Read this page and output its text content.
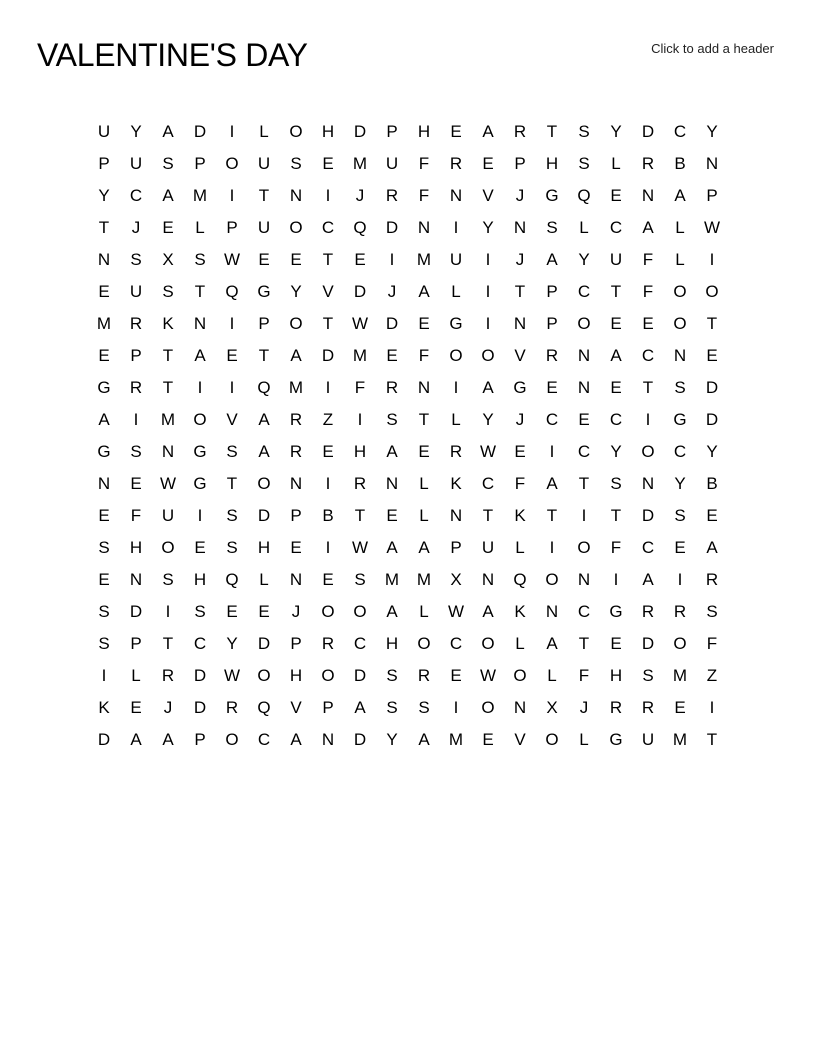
VALENTINE'S DAY	Click to add a header
U	Y	A	D	I	L	O	H	D	P	H	E	A	R	T	S	Y	D	C	Y
P	U	S	P	O	U	S	E	M	U	F	R	E	P	H	S	L	R	B	N
Y	C	A	M	I	T	N	I	J	R	F	N	V	J	G	Q	E	N	A	P
T	J	E	L	P	U	O	C	Q	D	N	I	Y	N	S	L	C	A	L	W
N	S	X	S	W	E	E	T	E	I	M	U	I	J	A	Y	U	F	L	I
E	U	S	T	Q	G	Y	V	D	J	A	L	I	T	P	C	T	F	O	O
M	R	K	N	I	P	O	T	W	D	E	G	I	N	P	O	E	E	O	T
E	P	T	A	E	T	A	D	M	E	F	O	O	V	R	N	A	C	N	E
G	R	T	I	I	Q	M	I	F	R	N	I	A	G	E	N	E	T	S	D
A	I	M	O	V	A	R	Z	I	S	T	L	Y	J	C	E	C	I	G	D
G	S	N	G	S	A	R	E	H	A	E	R	W	E	I	C	Y	O	C	Y
N	E	W	G	T	O	N	I	R	N	L	K	C	F	A	T	S	N	Y	B
E	F	U	I	S	D	P	B	T	E	L	N	T	K	T	I	T	D	S	E
S	H	O	E	S	H	E	I	W	A	A	P	U	L	I	O	F	C	E	A
E	N	S	H	Q	L	N	E	S	M	M	X	N	Q	O	N	I	A	I	R
S	D	I	S	E	E	J	O	O	A	L	W	A	K	N	C	G	R	R	S
S	P	T	C	Y	D	P	R	C	H	O	C	O	L	A	T	E	D	O	F
I	L	R	D	W	O	H	O	D	S	R	E	W	O	L	F	H	S	M	Z
K	E	J	D	R	Q	V	P	A	S	S	I	O	N	X	J	R	R	E	I
D	A	A	P	O	C	A	N	D	Y	A	M	E	V	O	L	G	U	M	T
